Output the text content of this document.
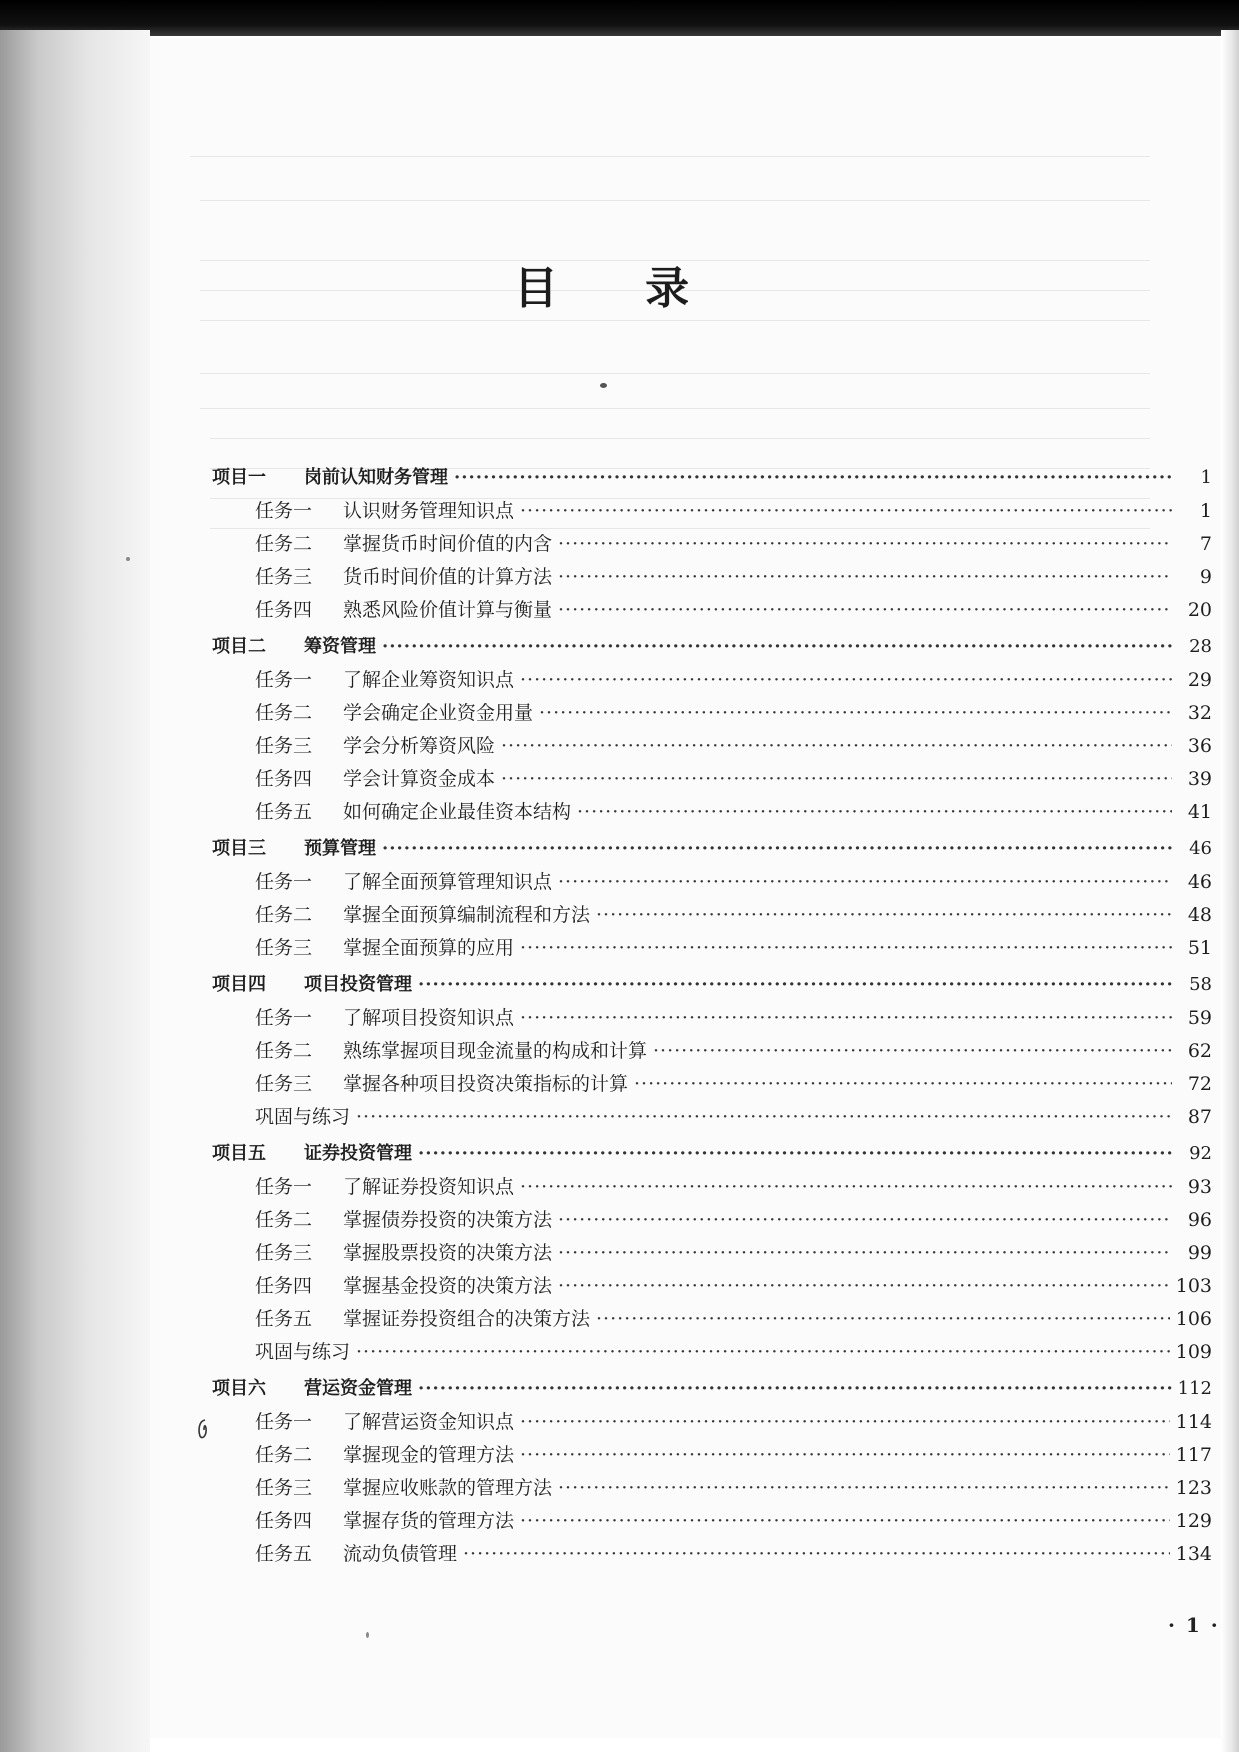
目 录
项目一	岗前认知财务管理 ·····	1
任务一	认识财务管理知识点 ·····	1
任务二	掌握货币时间价值的内含 ·····	7
任务三	货币时间价值的计算方法 ·····	9
任务四	熟悉风险价值计算与衡量 ·····	20
项目二	筹资管理 ·····	28
任务一	了解企业筹资知识点 ·····	29
任务二	学会确定企业资金用量 ·····	32
任务三	学会分析筹资风险 ·····	36
任务四	学会计算资金成本 ·····	39
任务五	如何确定企业最佳资本结构 ·····	41
项目三	预算管理 ·····	46
任务一	了解全面预算管理知识点 ·····	46
任务二	掌握全面预算编制流程和方法 ·····	48
任务三	掌握全面预算的应用 ·····	51
项目四	项目投资管理 ·····	58
任务一	了解项目投资知识点 ·····	59
任务二	熟练掌握项目现金流量的构成和计算 ·····	62
任务三	掌握各种项目投资决策指标的计算 ·····	72
巩固与练习 ·····	87
项目五	证券投资管理 ·····	92
任务一	了解证券投资知识点 ·····	93
任务二	掌握债券投资的决策方法 ·····	96
任务三	掌握股票投资的决策方法 ·····	99
任务四	掌握基金投资的决策方法 ·····	103
任务五	掌握证券投资组合的决策方法 ·····	106
巩固与练习 ·····	109
项目六	营运资金管理 ·····	112
任务一	了解营运资金知识点 ·····	114
任务二	掌握现金的管理方法 ·····	117
任务三	掌握应收账款的管理方法 ·····	123
任务四	掌握存货的管理方法 ·····	129
任务五	流动负债管理 ·····	134
· 1 ·
